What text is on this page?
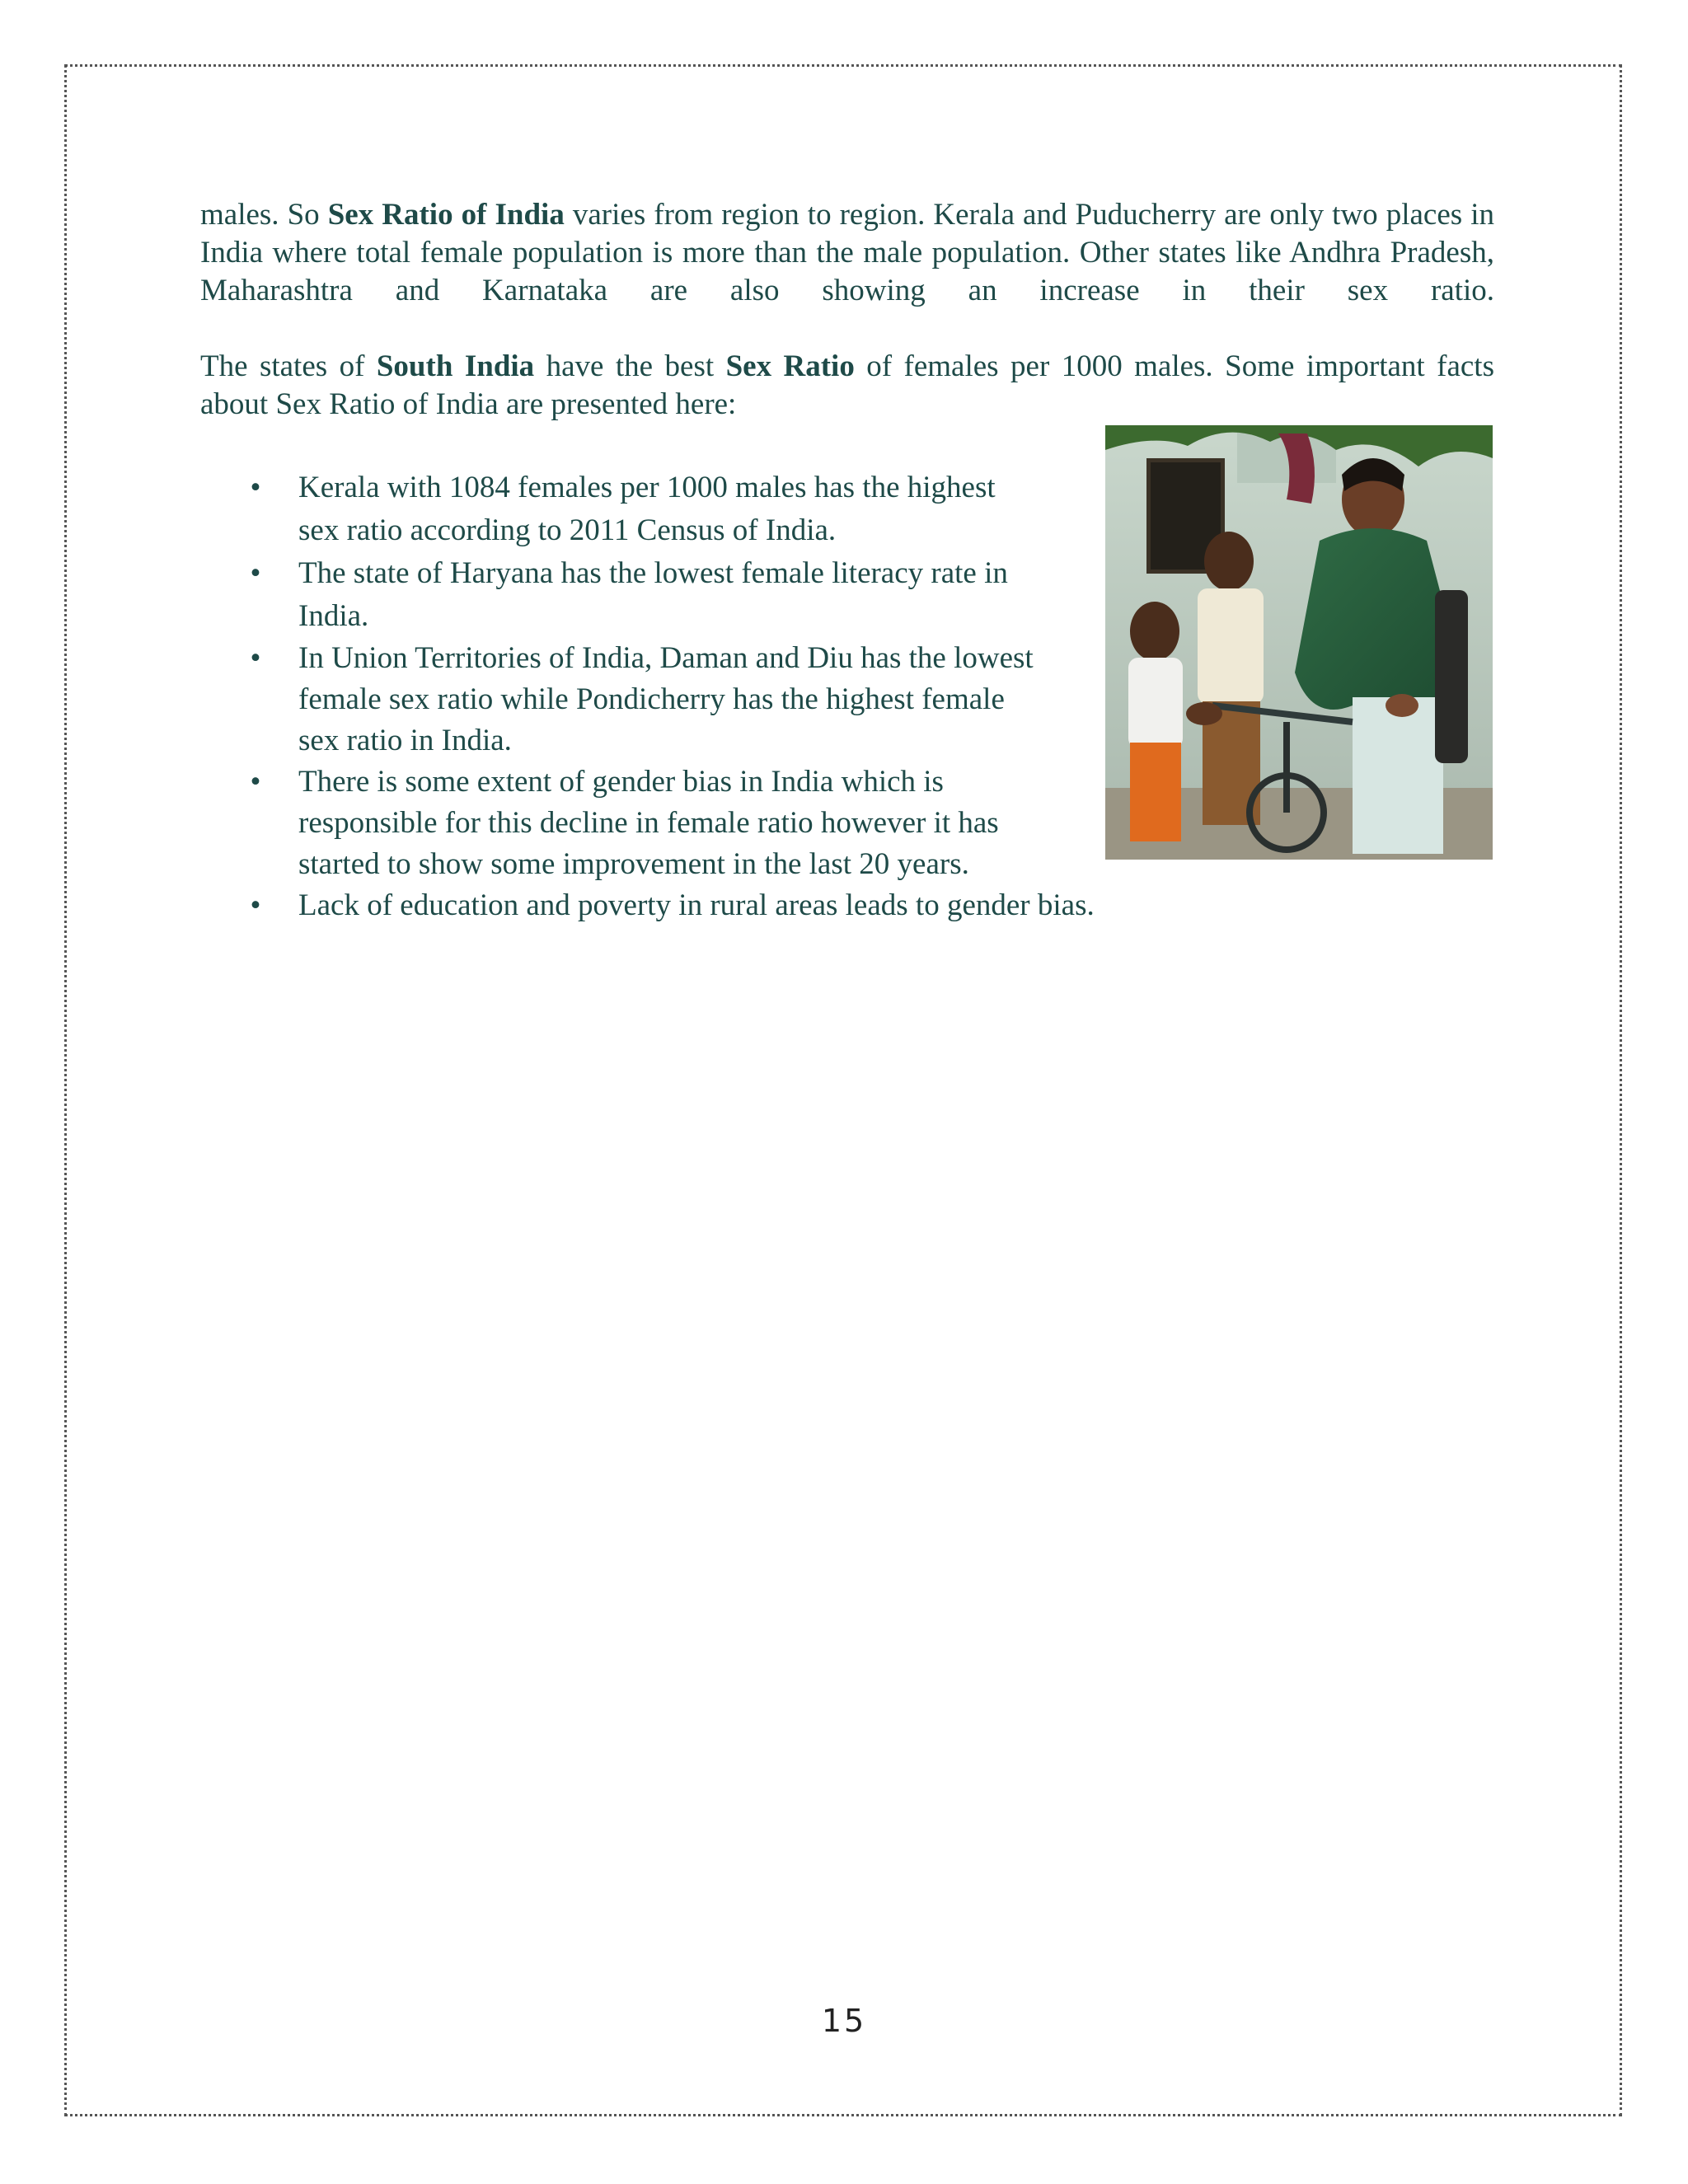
males. So Sex Ratio of India varies from region to region. Kerala and Puducherry are only two places in India where total female population is more than the male population. Other states like Andhra Pradesh, Maharashtra and Karnataka are also showing an increase in their sex ratio.

The states of South India have the best Sex Ratio of females per 1000 males. Some important facts about Sex Ratio of India are presented here:

• Kerala with 1084 females per 1000 males has the highest
sex ratio according to 2011 Census of India.
• The state of Haryana has the lowest female literacy rate in
India.
• In Union Territories of India, Daman and Diu has the lowest
female sex ratio while Pondicherry has the highest female
sex ratio in India.
• There is some extent of gender bias in India which is
responsible for this decline in female ratio however it has
started to show some improvement in the last 20 years.
• Lack of education and poverty in rural areas leads to gender bias.
15
